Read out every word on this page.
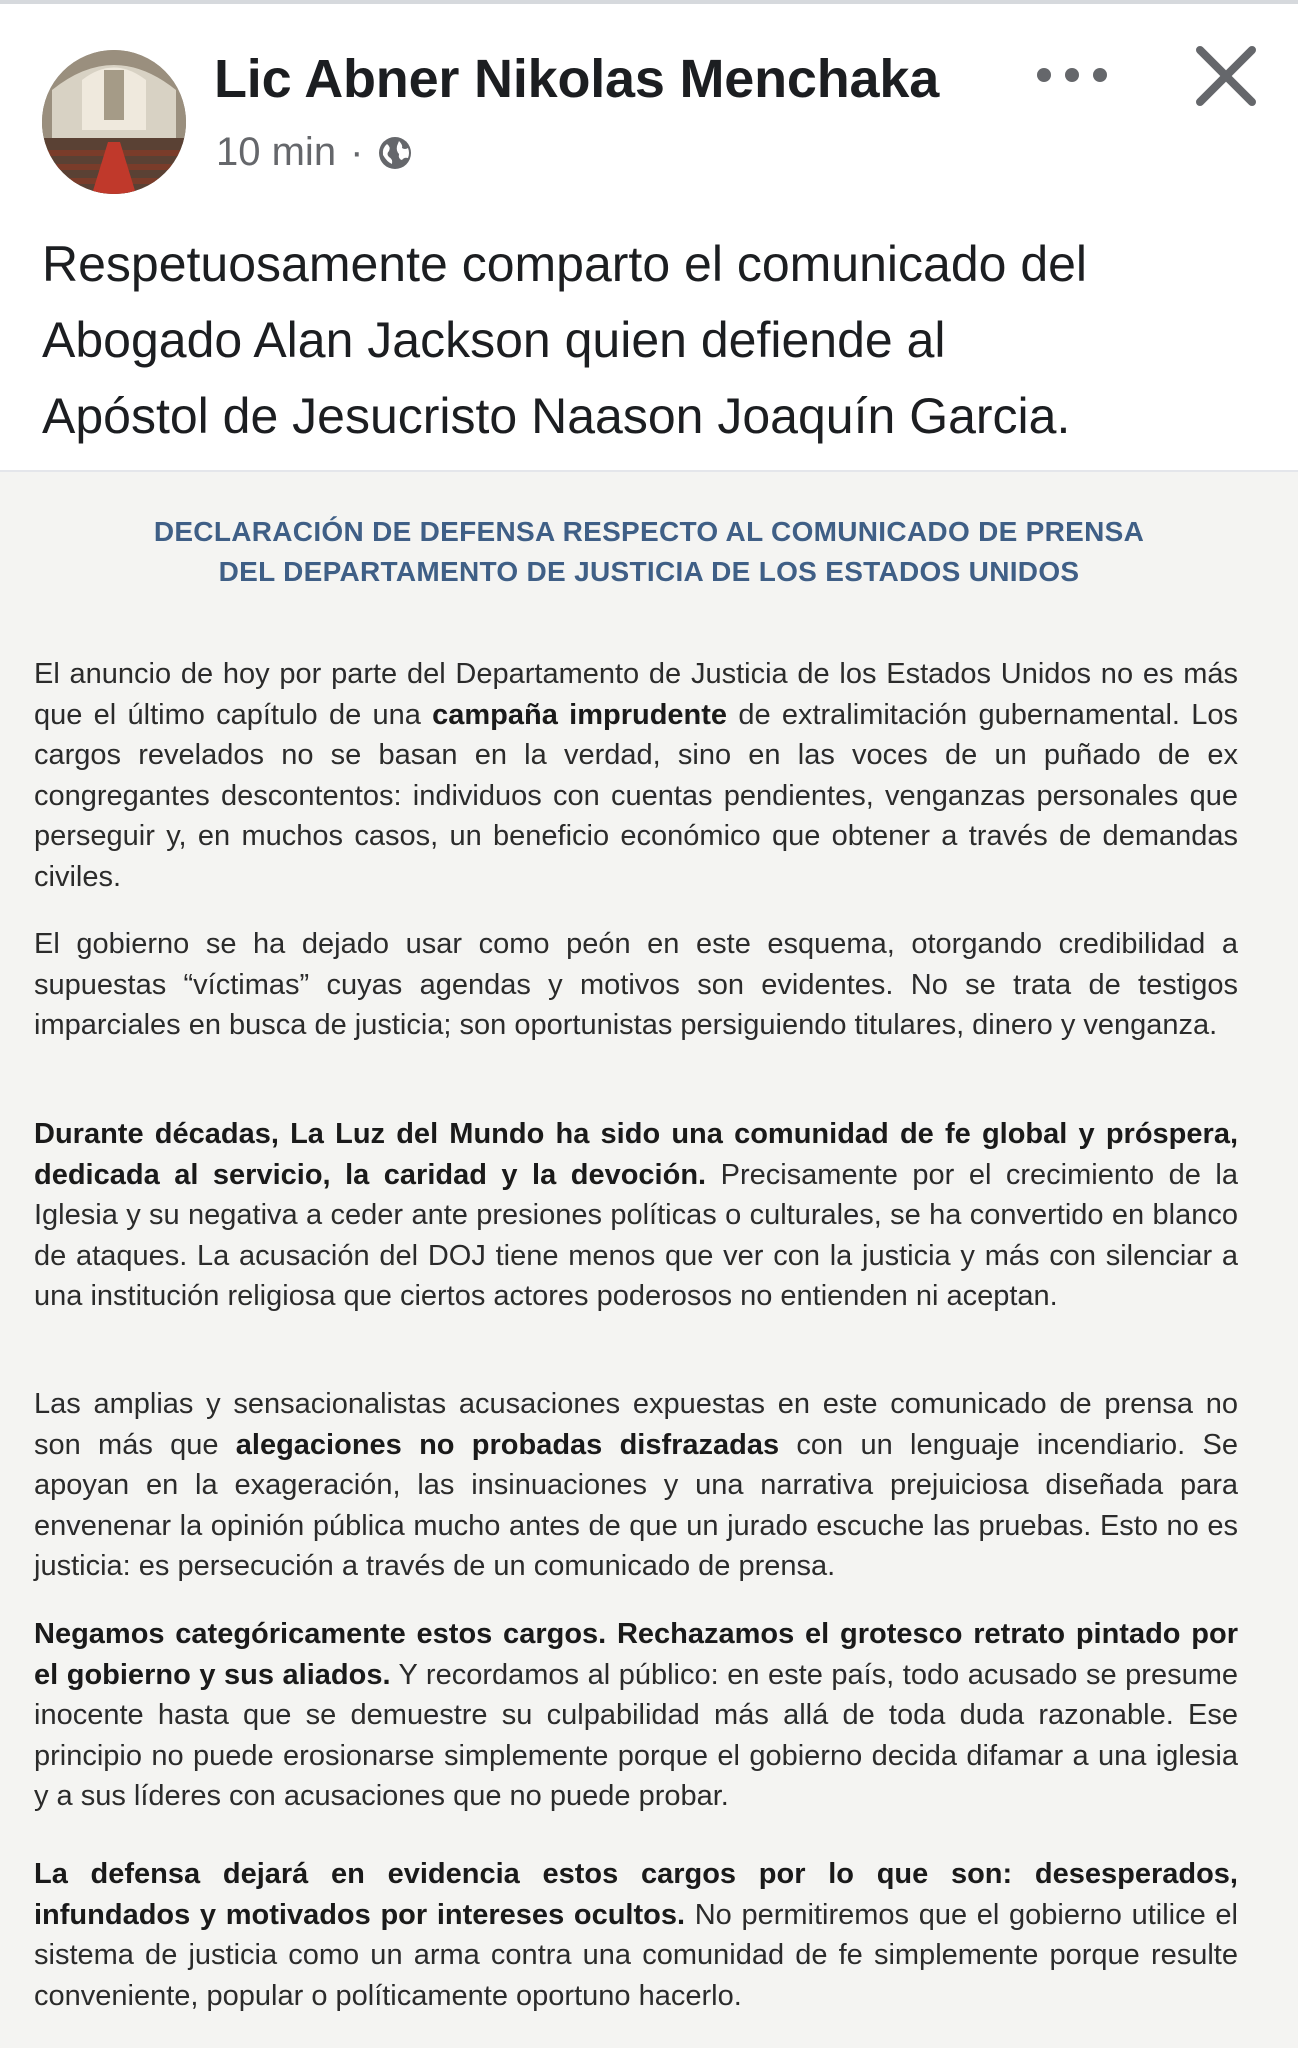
Lic Abner Nikolas Menchaka
10 min ·
Respetuosamente comparto el comunicado del
Abogado Alan Jackson quien defiende al
Apóstol de Jesucristo Naason Joaquín Garcia.
DECLARACIÓN DE DEFENSA RESPECTO AL COMUNICADO DE PRENSA
DEL DEPARTAMENTO DE JUSTICIA DE LOS ESTADOS UNIDOS
El anuncio de hoy por parte del Departamento de Justicia de los Estados Unidos no es más que el último capítulo de una campaña imprudente de extralimitación gubernamental. Los cargos revelados no se basan en la verdad, sino en las voces de un puñado de ex congregantes descontentos: individuos con cuentas pendientes, venganzas personales que perseguir y, en muchos casos, un beneficio económico que obtener a través de demandas civiles.
El gobierno se ha dejado usar como peón en este esquema, otorgando credibilidad a supuestas “víctimas” cuyas agendas y motivos son evidentes. No se trata de testigos imparciales en busca de justicia; son oportunistas persiguiendo titulares, dinero y venganza.
Durante décadas, La Luz del Mundo ha sido una comunidad de fe global y próspera, dedicada al servicio, la caridad y la devoción. Precisamente por el crecimiento de la Iglesia y su negativa a ceder ante presiones políticas o culturales, se ha convertido en blanco de ataques. La acusación del DOJ tiene menos que ver con la justicia y más con silenciar a una institución religiosa que ciertos actores poderosos no entienden ni aceptan.
Las amplias y sensacionalistas acusaciones expuestas en este comunicado de prensa no son más que alegaciones no probadas disfrazadas con un lenguaje incendiario. Se apoyan en la exageración, las insinuaciones y una narrativa prejuiciosa diseñada para envenenar la opinión pública mucho antes de que un jurado escuche las pruebas. Esto no es justicia: es persecución a través de un comunicado de prensa.
Negamos categóricamente estos cargos. Rechazamos el grotesco retrato pintado por el gobierno y sus aliados. Y recordamos al público: en este país, todo acusado se presume inocente hasta que se demuestre su culpabilidad más allá de toda duda razonable. Ese principio no puede erosionarse simplemente porque el gobierno decida difamar a una iglesia y a sus líderes con acusaciones que no puede probar.
La defensa dejará en evidencia estos cargos por lo que son: desesperados, infundados y motivados por intereses ocultos. No permitiremos que el gobierno utilice el sistema de justicia como un arma contra una comunidad de fe simplemente porque resulte conveniente, popular o políticamente oportuno hacerlo.
